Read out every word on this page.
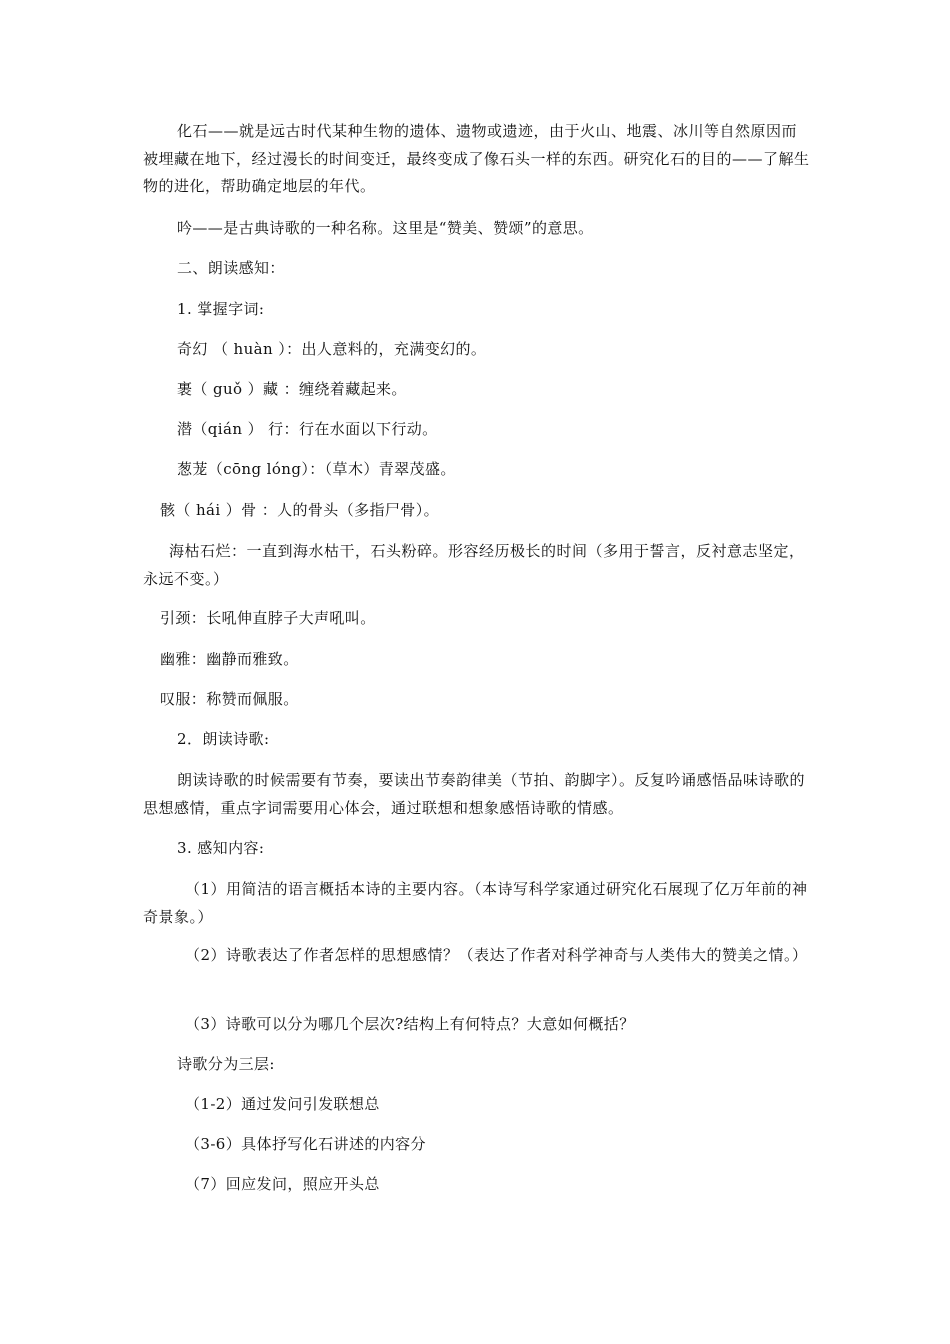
化石——就是远古时代某种生物的遗体、遗物或遗迹，由于火山、地震、冰川等自然原因而被埋藏在地下，经过漫长的时间变迁，最终变成了像石头一样的东西。研究化石的目的——了解生物的进化，帮助确定地层的年代。
吟——是古典诗歌的一种名称。这里是“赞美、赞颂”的意思。
二、朗读感知：
1. 掌握字词:
奇幻 （ huàn ）：出人意料的，充满变幻的。
裹（ guǒ ）藏 ：缠绕着藏起来。
潜（qián ） 行：行在水面以下行动。
葱茏（cōng lóng）：（草木）青翠茂盛。
骸（ hái ）骨 ：人的骨头（多指尸骨）。
海枯石烂：一直到海水枯干，石头粉碎。形容经历极长的时间（多用于誓言，反衬意志坚定，永远不变。）
引颈：长吼伸直脖子大声吼叫。
幽雅：幽静而雅致。
叹服：称赞而佩服。
2．朗读诗歌:
朗读诗歌的时候需要有节奏，要读出节奏韵律美（节拍、韵脚字）。反复吟诵感悟品味诗歌的思想感情，重点字词需要用心体会，通过联想和想象感悟诗歌的情感。
3. 感知内容:
（1）用简洁的语言概括本诗的主要内容。（本诗写科学家通过研究化石展现了亿万年前的神奇景象。）
（2）诗歌表达了作者怎样的思想感情？（表达了作者对科学神奇与人类伟大的赞美之情。）
（3）诗歌可以分为哪几个层次?结构上有何特点？大意如何概括？
诗歌分为三层:
（1-2）通过发问引发联想总
（3-6）具体抒写化石讲述的内容分
（7）回应发问，照应开头总
